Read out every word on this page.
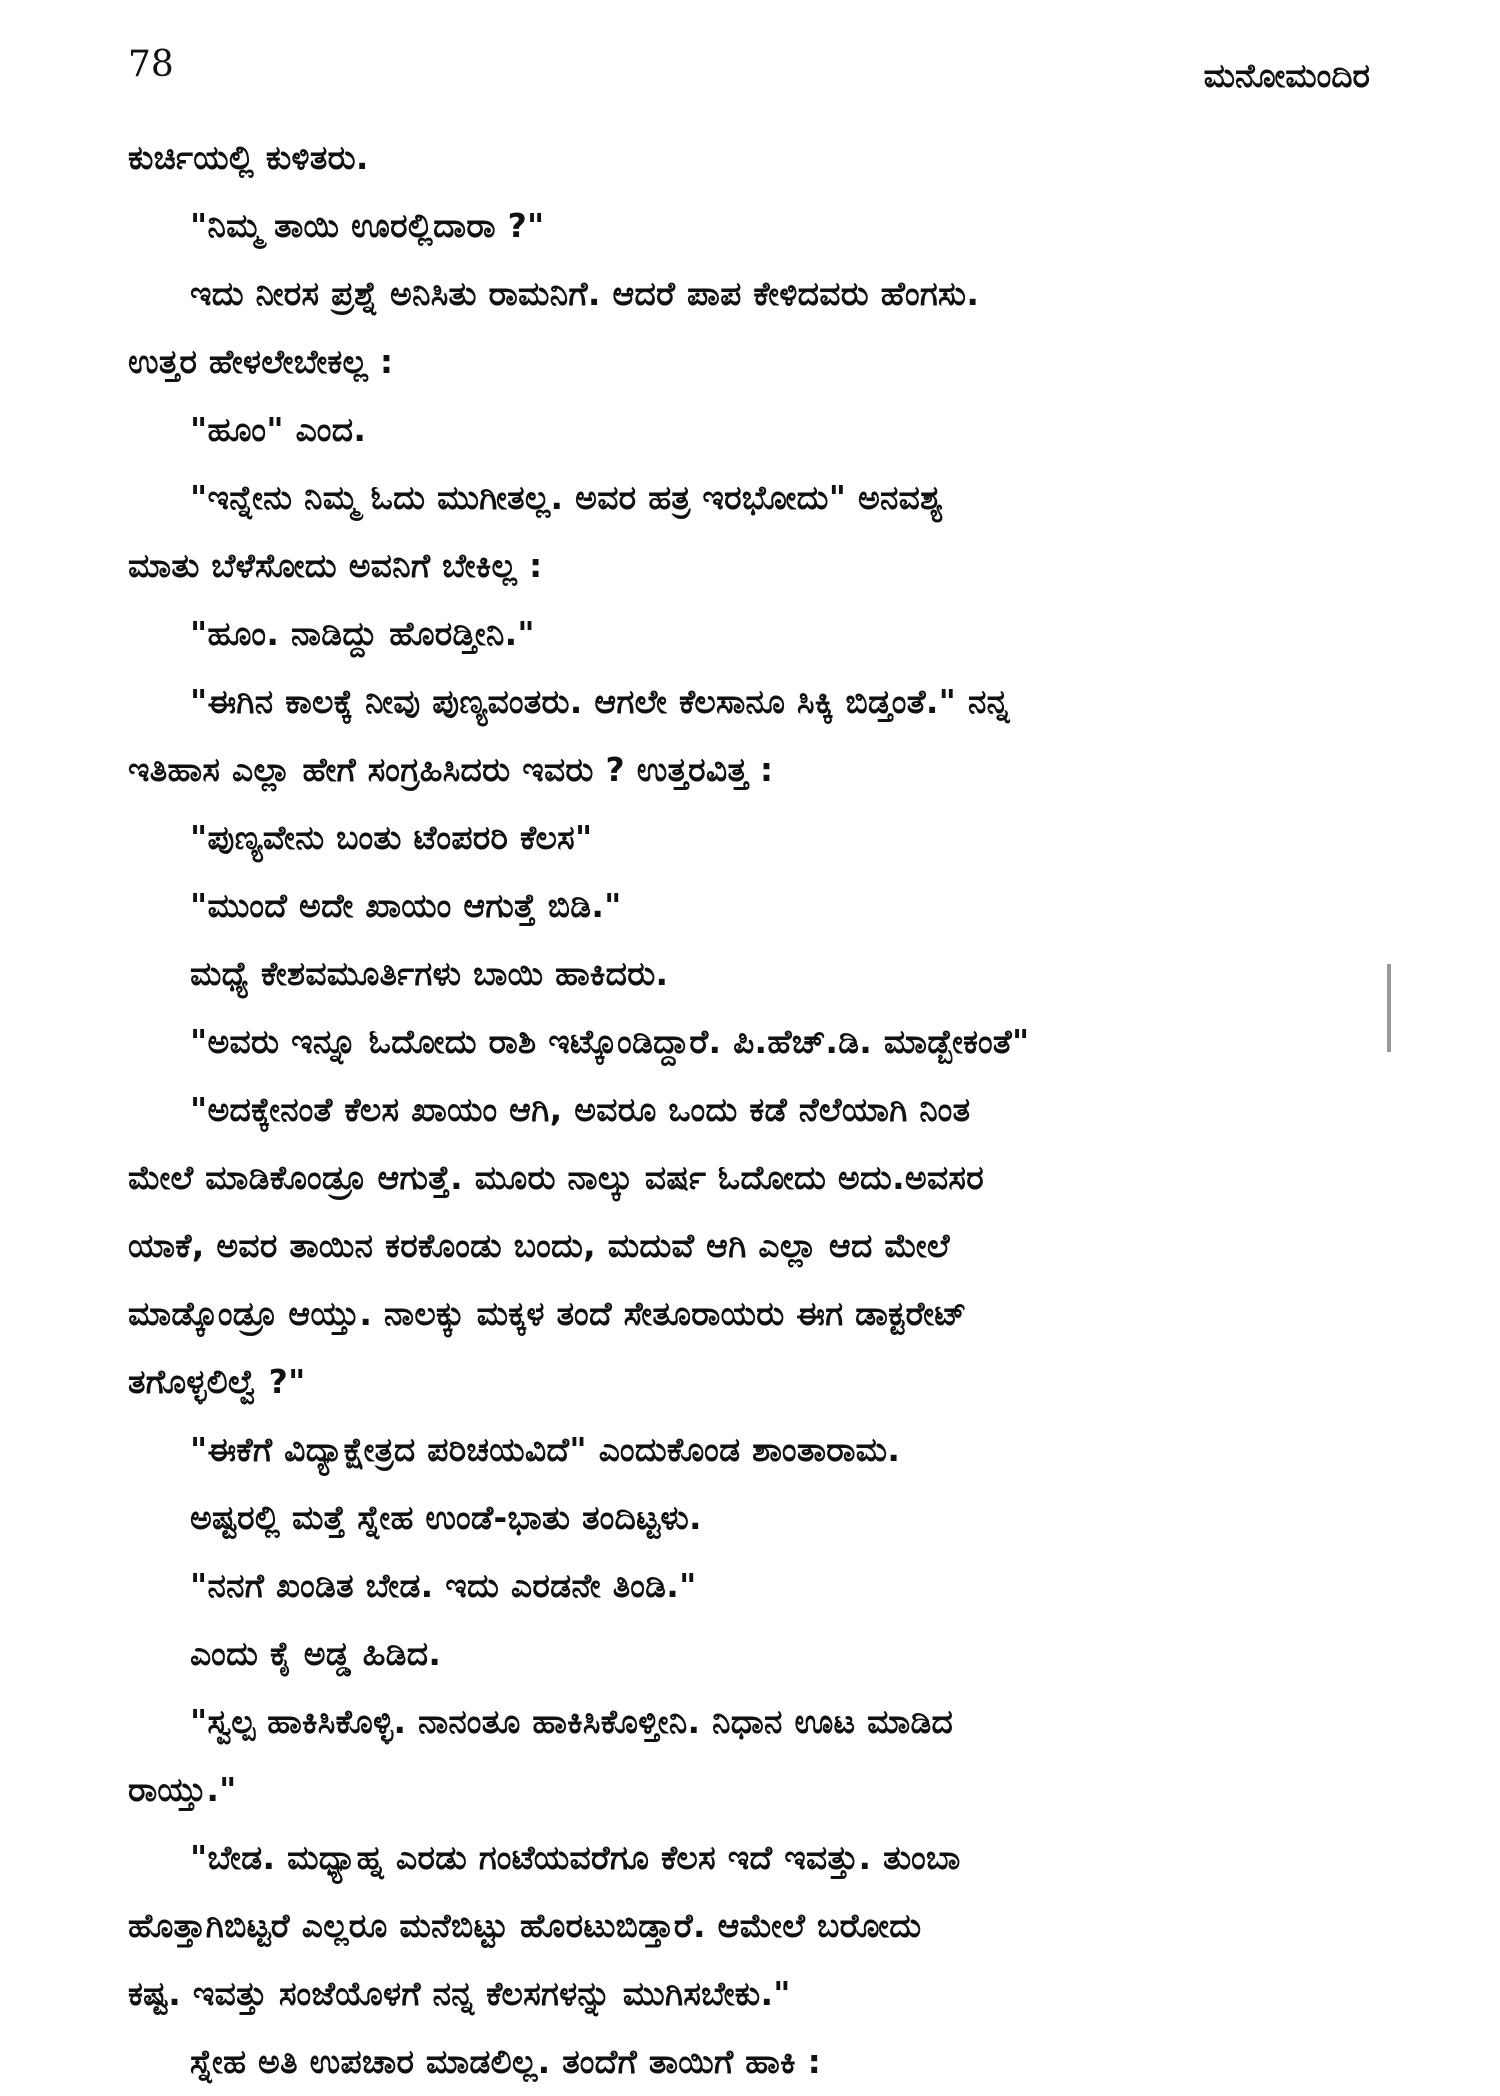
78	ಮನೋಮಂದಿರ
ಕುರ್ಚಿಯಲ್ಲಿ ಕುಳಿತರು.
"ನಿಮ್ಮ ತಾಯಿ ಊರಲ್ಲಿದಾರಾ ?"
ಇದು ನೀರಸ ಪ್ರಶ್ನೆ ಅನಿಸಿತು ರಾಮನಿಗೆ. ಆದರೆ ಪಾಪ ಕೇಳಿದವರು ಹೆಂಗಸು.
ಉತ್ತರ ಹೇಳಲೇಬೇಕಲ್ಲ :
"ಹೂಂ" ಎಂದ.
"ಇನ್ನೇನು ನಿಮ್ಮ ಓದು ಮುಗೀತಲ್ಲ. ಅವರ ಹತ್ರ ಇರಭೋದು" ಅನವಶ್ಯ
ಮಾತು ಬೆಳೆಸೋದು ಅವನಿಗೆ ಬೇಕಿಲ್ಲ :
"ಹೂಂ. ನಾಡಿದ್ದು ಹೊರಡ್ತೀನಿ."
"ಈಗಿನ ಕಾಲಕ್ಕೆ ನೀವು ಪುಣ್ಯವಂತರು. ಆಗಲೇ ಕೆಲಸಾನೂ ಸಿಕ್ಕಿ ಬಿಡ್ತಂತೆ." ನನ್ನ
ಇತಿಹಾಸ ಎಲ್ಲಾ ಹೇಗೆ ಸಂಗ್ರಹಿಸಿದರು ಇವರು ? ಉತ್ತರವಿತ್ತ :
"ಪುಣ್ಯವೇನು ಬಂತು ಟೆಂಪರರಿ ಕೆಲಸ"
"ಮುಂದೆ ಅದೇ ಖಾಯಂ ಆಗುತ್ತೆ ಬಿಡಿ."
ಮಧ್ಯೆ ಕೇಶವಮೂರ್ತಿಗಳು ಬಾಯಿ ಹಾಕಿದರು.
"ಅವರು ಇನ್ನೂ ಓದೋದು ರಾಶಿ ಇಟ್ಕೊಂಡಿದ್ದಾರೆ. ಪಿ.ಹೆಚ್.ಡಿ. ಮಾಡ್ಬೇಕಂತೆ"
"ಅದಕ್ಕೇನಂತೆ ಕೆಲಸ ಖಾಯಂ ಆಗಿ, ಅವರೂ ಒಂದು ಕಡೆ ನೆಲೆಯಾಗಿ ನಿಂತ
ಮೇಲೆ ಮಾಡಿಕೊಂಡ್ರೂ ಆಗುತ್ತೆ. ಮೂರು ನಾಲ್ಕು ವರ್ಷ ಓದೋದು ಅದು.ಅವಸರ
ಯಾಕೆ, ಅವರ ತಾಯಿನ ಕರಕೊಂಡು ಬಂದು, ಮದುವೆ ಆಗಿ ಎಲ್ಲಾ ಆದ ಮೇಲೆ
ಮಾಡ್ಕೊಂಡ್ರೂ ಆಯ್ತು. ನಾಲಕ್ಕು ಮಕ್ಕಳ ತಂದೆ ಸೇತೂರಾಯರು ಈಗ ಡಾಕ್ಟರೇಟ್
ತಗೊಳ್ಳಲಿಲ್ವೆ ?"
"ಈಕೆಗೆ ವಿದ್ಯಾಕ್ಷೇತ್ರದ ಪರಿಚಯವಿದೆ" ಎಂದುಕೊಂಡ ಶಾಂತಾರಾಮ.
ಅಷ್ಟರಲ್ಲಿ ಮತ್ತೆ ಸ್ನೇಹ ಉಂಡೆ-ಭಾತು ತಂದಿಟ್ಟಳು.
"ನನಗೆ ಖಂಡಿತ ಬೇಡ. ಇದು ಎರಡನೇ ತಿಂಡಿ."
ಎಂದು ಕೈ ಅಡ್ಡ ಹಿಡಿದ.
"ಸ್ವಲ್ಪ ಹಾಕಿಸಿಕೊಳ್ಳಿ. ನಾನಂತೂ ಹಾಕಿಸಿಕೊಳ್ತೀನಿ. ನಿಧಾನ ಊಟ ಮಾಡಿದ
ರಾಯ್ತು."
"ಬೇಡ. ಮಧ್ಯಾಹ್ನ ಎರಡು ಗಂಟೆಯವರೆಗೂ ಕೆಲಸ ಇದೆ ಇವತ್ತು. ತುಂಬಾ
ಹೊತ್ತಾಗಿಬಿಟ್ಟರೆ ಎಲ್ಲರೂ ಮನೆಬಿಟ್ಟು ಹೊರಟುಬಿಡ್ತಾರೆ. ಆಮೇಲೆ ಬರೋದು
ಕಷ್ಟ. ಇವತ್ತು ಸಂಜೆಯೊಳಗೆ ನನ್ನ ಕೆಲಸಗಳನ್ನು ಮುಗಿಸಬೇಕು."
ಸ್ನೇಹ ಅತಿ ಉಪಚಾರ ಮಾಡಲಿಲ್ಲ. ತಂದೆಗೆ ತಾಯಿಗೆ ಹಾಕಿ :
